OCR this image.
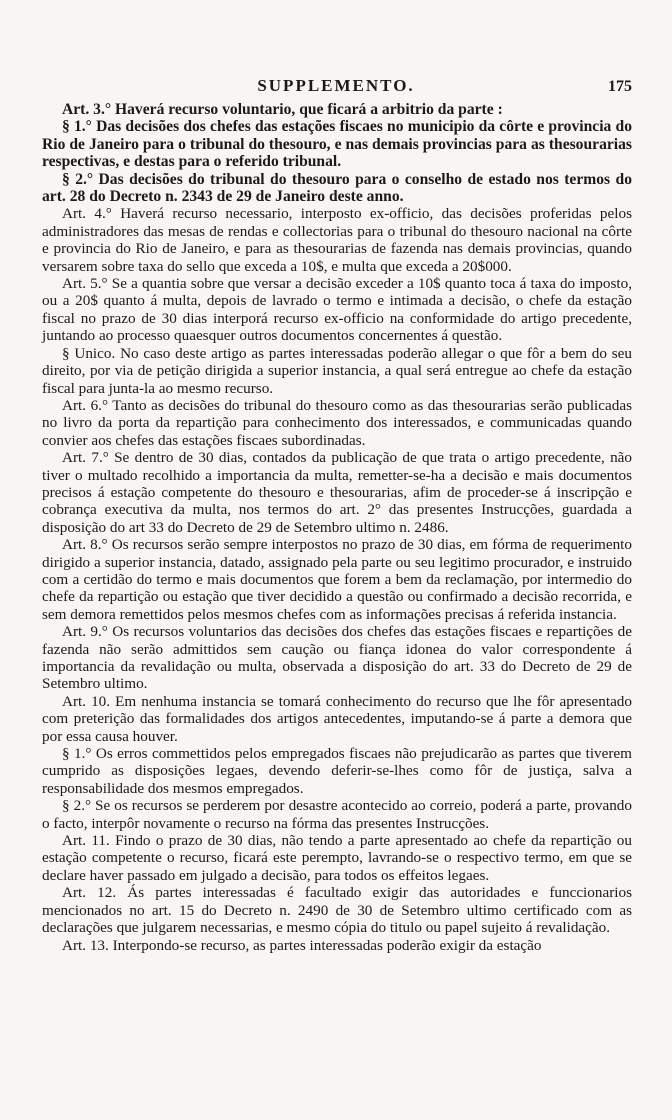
SUPPLEMENTO.	175

Art. 3.° Haverá recurso voluntario, que ficará a arbitrio da parte :

§ 1.° Das decisões dos chefes das estações fiscaes no municipio da côrte e provincia do Rio de Janeiro para o tribunal do thesouro, e nas demais provincias para as thesourarias respectivas, e destas para o referido tribunal.

§ 2.° Das decisões do tribunal do thesouro para o conselho de estado nos termos do art. 28 do Decreto n. 2343 de 29 de Janeiro deste anno.

Art. 4.° Haverá recurso necessario, interposto ex-officio, das decisões proferidas pelos administradores das mesas de rendas e collectorias para o tribunal do thesouro nacional na côrte e provincia do Rio de Janeiro, e para as thesourarias de fazenda nas demais provincias, quando versarem sobre taxa do sello que exceda a 10$, e multa que exceda a 20$000.

Art. 5.° Se a quantia sobre que versar a decisão exceder a 10$ quanto toca á taxa do imposto, ou a 20$ quanto á multa, depois de lavrado o termo e intimada a decisão, o chefe da estação fiscal no prazo de 30 dias interporá recurso ex-officio na conformidade do artigo precedente, juntando ao processo quaesquer outros documentos concernentes á questão.

§ Unico. No caso deste artigo as partes interessadas poderão allegar o que fôr a bem do seu direito, por via de petição dirigida a superior instancia, a qual será entregue ao chefe da estação fiscal para junta-la ao mesmo recurso.

Art. 6.° Tanto as decisões do tribunal do thesouro como as das thesourarias serão publicadas no livro da porta da repartição para conhecimento dos interessados, e communicadas quando convier aos chefes das estações fiscaes subordinadas.

Art. 7.° Se dentro de 30 dias, contados da publicação de que trata o artigo precedente, não tiver o multado recolhido a importancia da multa, remetter-se-ha a decisão e mais documentos precisos á estação competente do thesouro e thesourarias, afim de proceder-se á inscripção e cobrança executiva da multa, nos termos do art. 2° das presentes Instrucções, guardada a disposição do art 33 do Decreto de 29 de Setembro ultimo n. 2486.

Art. 8.° Os recursos serão sempre interpostos no prazo de 30 dias, em fórma de requerimento dirigido a superior instancia, datado, assignado pela parte ou seu legitimo procurador, e instruido com a certidão do termo e mais documentos que forem a bem da reclamação, por intermedio do chefe da repartição ou estação que tiver decidido a questão ou confirmado a decisão recorrida, e sem demora remettidos pelos mesmos chefes com as informações precisas á referida instancia.

Art. 9.° Os recursos voluntarios das decisões dos chefes das estações fiscaes e repartições de fazenda não serão admittidos sem caução ou fiança idonea do valor correspondente á importancia da revalidação ou multa, observada a disposição do art. 33 do Decreto de 29 de Setembro ultimo.

Art. 10. Em nenhuma instancia se tomará conhecimento do recurso que lhe fôr apresentado com preterição das formalidades dos artigos antecedentes, imputando-se á parte a demora que por essa causa houver.

§ 1.° Os erros commettidos pelos empregados fiscaes não prejudicarão as partes que tiverem cumprido as disposições legaes, devendo deferir-se-lhes como fôr de justiça, salva a responsabilidade dos mesmos empregados.

§ 2.° Se os recursos se perderem por desastre acontecido ao correio, poderá a parte, provando o facto, interpôr novamente o recurso na fórma das presentes Instrucções.

Art. 11. Findo o prazo de 30 dias, não tendo a parte apresentado ao chefe da repartição ou estação competente o recurso, ficará este perempto, lavrando-se o respectivo termo, em que se declare haver passado em julgado a decisão, para todos os effeitos legaes.

Art. 12. Ás partes interessadas é facultado exigir das autoridades e funccionarios mencionados no art. 15 do Decreto n. 2490 de 30 de Setembro ultimo certificado com as declarações que julgarem necessarias, e mesmo cópia do titulo ou papel sujeito á revalidação.

Art. 13. Interpondo-se recurso, as partes interessadas poderão exigir da estação
